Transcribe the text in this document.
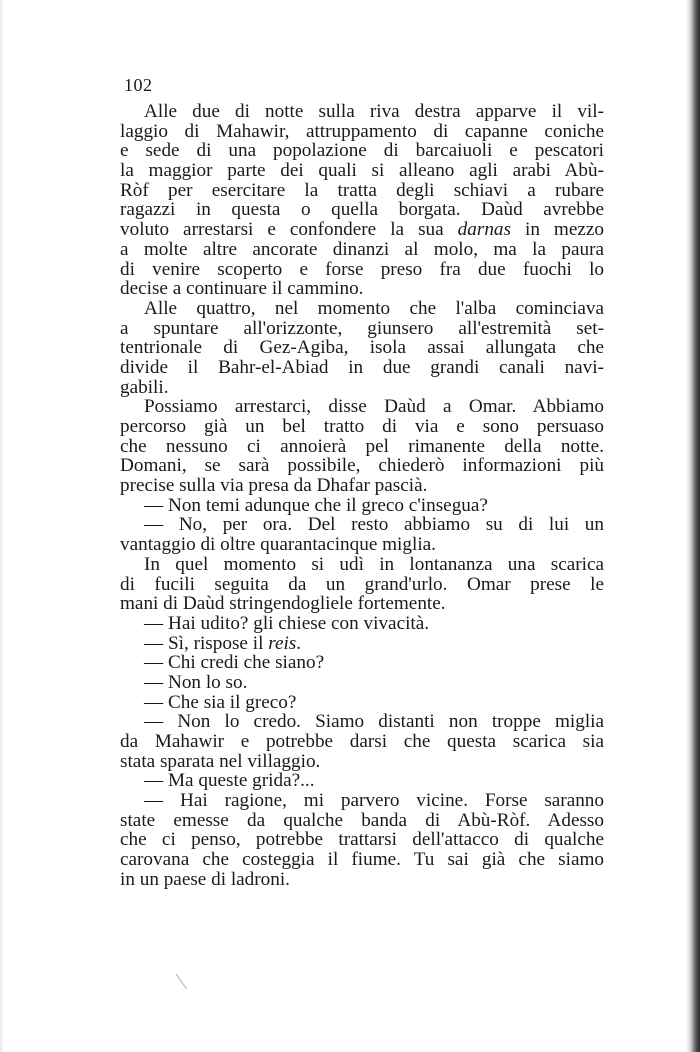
102
Alle due di notte sulla riva destra apparve il vil-
laggio di Mahawir, attruppamento di capanne coniche
e sede di una popolazione di barcaiuoli e pescatori
la maggior parte dei quali si alleano agli arabi Abù-
Ròf per esercitare la tratta degli schiavi a rubare
ragazzi in questa o quella borgata. Daùd avrebbe
voluto arrestarsi e confondere la sua darnas in mezzo
a molte altre ancorate dinanzi al molo, ma la paura
di venire scoperto e forse preso fra due fuochi lo
decise a continuare il cammino.
Alle quattro, nel momento che l'alba cominciava
a spuntare all'orizzonte, giunsero all'estremità set-
tentrionale di Gez-Agiba, isola assai allungata che
divide il Bahr-el-Abiad in due grandi canali navi-
gabili.
Possiamo arrestarci, disse Daùd a Omar. Abbiamo
percorso già un bel tratto di via e sono persuaso
che nessuno ci annoierà pel rimanente della notte.
Domani, se sarà possibile, chiederò informazioni più
precise sulla via presa da Dhafar pascià.
— Non temi adunque che il greco c'insegua?
— No, per ora. Del resto abbiamo su di lui un
vantaggio di oltre quarantacinque miglia.
In quel momento si udì in lontananza una scarica
di fucili seguita da un grand'urlo. Omar prese le
mani di Daùd stringendogliele fortemente.
— Hai udito? gli chiese con vivacità.
— Sì, rispose il reis.
— Chi credi che siano?
— Non lo so.
— Che sia il greco?
— Non lo credo. Siamo distanti non troppe miglia
da Mahawir e potrebbe darsi che questa scarica sia
stata sparata nel villaggio.
— Ma queste grida?...
— Hai ragione, mi parvero vicine. Forse saranno
state emesse da qualche banda di Abù-Ròf. Adesso
che ci penso, potrebbe trattarsi dell'attacco di qualche
carovana che costeggia il fiume. Tu sai già che siamo
in un paese di ladroni.
